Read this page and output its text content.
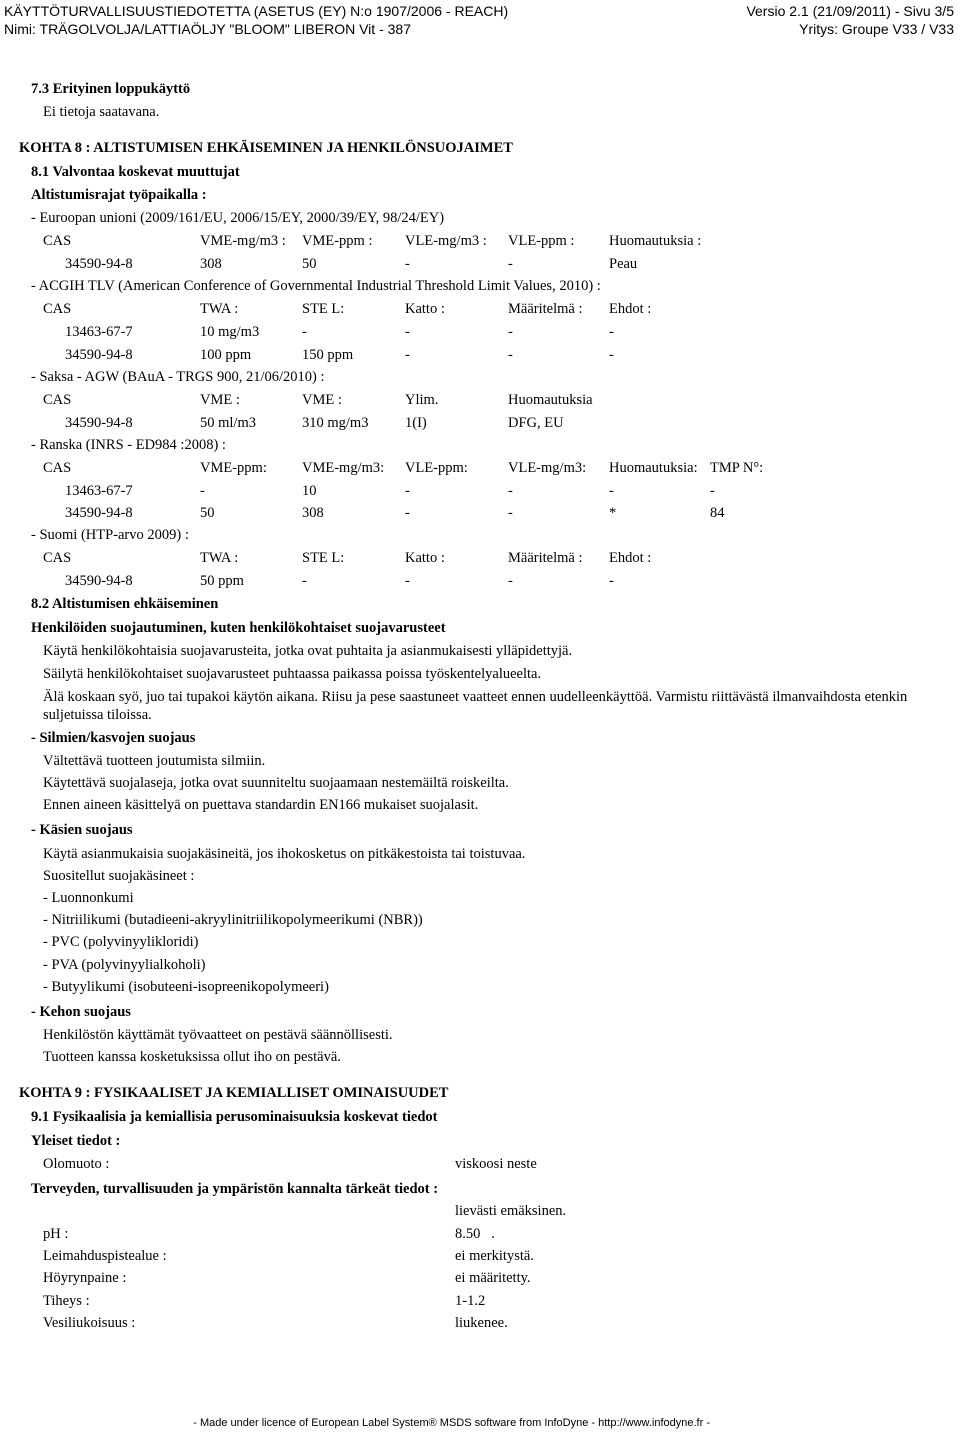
KÄYTTÖTURVALLISUUSTIEDOTETTA (ASETUS (EY) N:o 1907/2006 - REACH)
Nimi: TRÄGOLVOLJA/LATTIAÖLJY "BLOOM" LIBERON Vit - 387
Versio 2.1 (21/09/2011) - Sivu 3/5
Yritys: Groupe V33 / V33
7.3 Erityinen loppukäyttö
Ei tietoja saatavana.
KOHTA 8 : ALTISTUMISEN EHKÄISEMINEN JA HENKILÖNSUOJAIMET
8.1 Valvontaa koskevat muuttujat
Altistumisrajat työpaikalla :
- Euroopan unioni (2009/161/EU, 2006/15/EY, 2000/39/EY, 98/24/EY)
CAS	VME-mg/m3 : VME-ppm : VLE-mg/m3 : VLE-ppm : Huomautuksia :
34590-94-8	308	50	-	-	Peau
- ACGIH TLV (American Conference of Governmental Industrial Threshold Limit Values, 2010) :
CAS	TWA :	STE L:	Katto :	Määritelmä : Ehdot :
13463-67-7	10 mg/m3	-	-	-	-
34590-94-8	100 ppm	150 ppm	-	-	-
- Saksa - AGW (BAuA - TRGS 900, 21/06/2010) :
CAS	VME :	VME :	Ylim.	Huomautuksia
34590-94-8	50 ml/m3	310 mg/m3	1(I)	DFG, EU
- Ranska (INRS - ED984 :2008) :
CAS	VME-ppm: VME-mg/m3: VLE-ppm:	VLE-mg/m3: Huomautuksia: TMP N°:
13463-67-7	-	10	-	-	-	-
34590-94-8	50	308	-	-	*	84
- Suomi (HTP-arvo 2009) :
CAS	TWA :	STE L:	Katto :	Määritelmä : Ehdot :
34590-94-8	50 ppm	-	-	-	-
8.2 Altistumisen ehkäiseminen
Henkilöiden suojautuminen, kuten henkilökohtaiset suojavarusteet
Käytä henkilökohtaisia suojavarusteita, jotka ovat puhtaita ja asianmukaisesti ylläpidettyjä.
Säilytä henkilökohtaiset suojavarusteet puhtaassa paikassa poissa työskentelyalueelta.
Älä koskaan syö, juo tai tupakoi käytön aikana. Riisu ja pese saastuneet vaatteet ennen uudelleenkäyttöä. Varmistu riittävästä ilmanvaihdosta etenkin suljetuissa tiloissa.
- Silmien/kasvojen suojaus
Vältettävä tuotteen joutumista silmiin.
Käytettävä suojalaseja, jotka ovat suunniteltu suojaamaan nestemäiltä roiskeilta.
Ennen aineen käsittelyä on puettava standardin EN166 mukaiset suojalasit.
- Käsien suojaus
Käytä asianmukaisia suojakäsineitä, jos ihokosketus on pitkäkestoista tai toistuvaa.
Suositellut suojakäsineet :
- Luonnonkumi
- Nitriilikumi (butadieeni-akryylinitriilikopolymeerikumi (NBR))
- PVC (polyvinyylikloridi)
- PVA (polyvinyylialkoholi)
- Butyylikumi (isobuteeni-isopreenikopolymeeri)
- Kehon suojaus
Henkilöstön käyttämät työvaatteet on pestävä säännöllisesti.
Tuotteen kanssa kosketuksissa ollut iho on pestävä.
KOHTA 9 : FYSIKAALISET JA KEMIALLISET OMINAISUUDET
9.1 Fysikaalisia ja kemiallisia perusominaisuuksia koskevat tiedot
Yleiset tiedot :
Olomuoto :	viskoosi neste
Terveyden, turvallisuuden ja ympäristön kannalta tärkeät tiedot :
lievästi emäksinen.
pH :	8.50   .
Leimahduspistealue :	ei merkitystä.
Höyrynpaine :	ei määritetty.
Tiheys :	1-1.2
Vesiliukoisuus :	liukenee.
- Made under licence of European Label System® MSDS software from InfoDyne - http://www.infodyne.fr -
